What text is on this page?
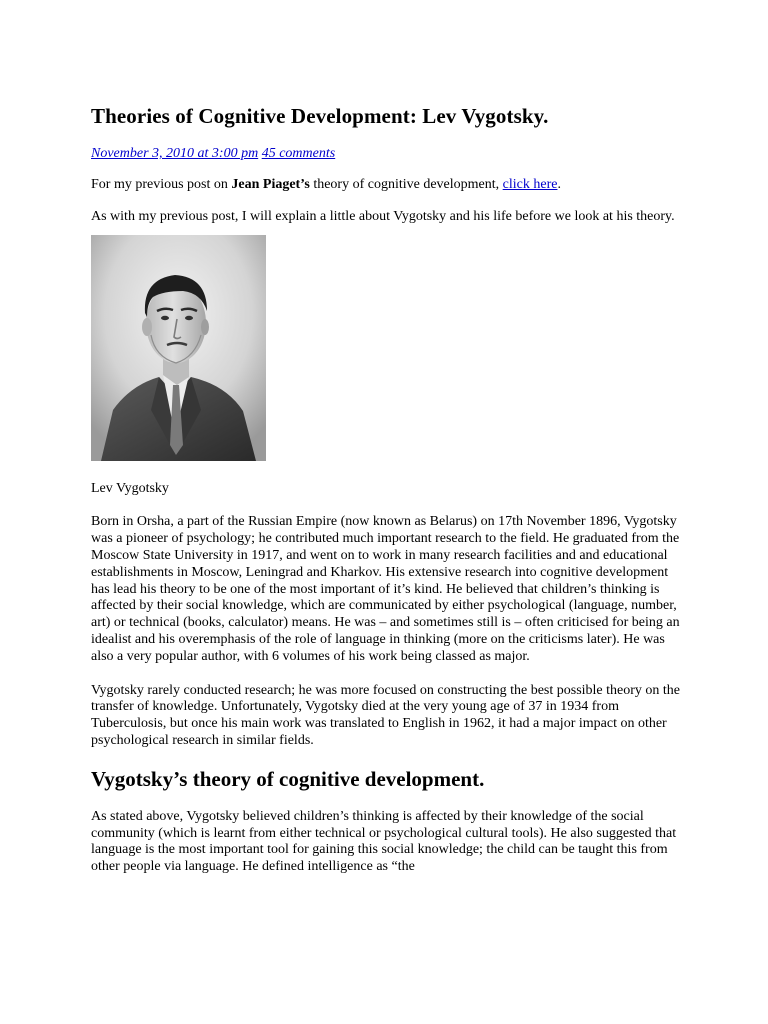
Theories of Cognitive Development: Lev Vygotsky.
November 3, 2010 at 3:00 pm 45 comments

For my previous post on Jean Piaget’s theory of cognitive development, click here.

As with my previous post, I will explain a little about Vygotsky and his life before we look at his theory.

Lev Vygotsky

Born in Orsha, a part of the Russian Empire (now known as Belarus) on 17th November 1896, Vygotsky was a pioneer of psychology; he contributed much important research to the field. He graduated from the Moscow State University in 1917, and went on to work in many research facilities and and educational establishments in Moscow, Leningrad and Kharkov. His extensive research into cognitive development has lead his theory to be one of the most important of it’s kind. He believed that children’s thinking is affected by their social knowledge, which are communicated by either psychological (language, number, art) or technical (books, calculator) means. He was – and sometimes still is – often criticised for being an idealist and his overemphasis of the role of language in thinking (more on the criticisms later). He was also a very popular author, with 6 volumes of his work being classed as major.

Vygotsky rarely conducted research; he was more focused on constructing the best possible theory on the transfer of knowledge. Unfortunately, Vygotsky died at the very young age of 37 in 1934 from Tuberculosis, but once his main work was translated to English in 1962, it had a major impact on other psychological research in similar fields.

Vygotsky’s theory of cognitive development.

As stated above, Vygotsky believed children’s thinking is affected by their knowledge of the social community (which is learnt from either technical or psychological cultural tools). He also suggested that language is the most important tool for gaining this social knowledge; the child can be taught this from other people via language. He defined intelligence as “the
